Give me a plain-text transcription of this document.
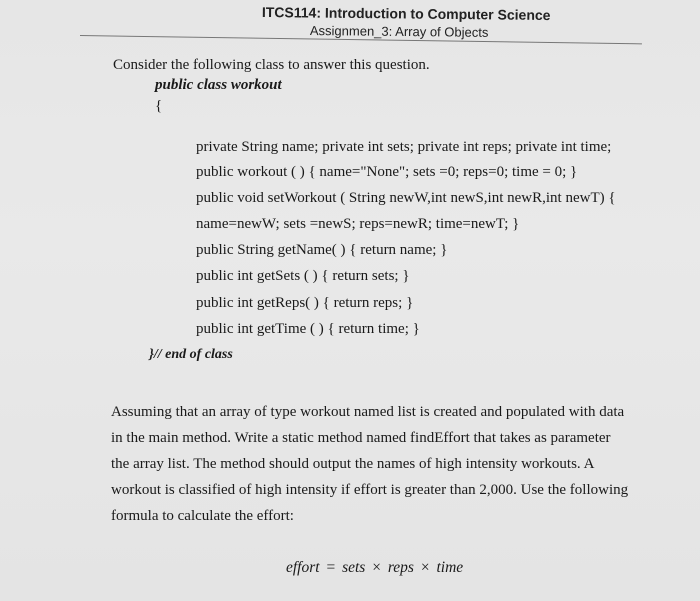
ITCS114: Introduction to Computer Science
Assignmen_3: Array of Objects
Consider the following class to answer this question.
public class workout
{
private String name; private int sets; private int reps; private int time;
public workout ( ) { name="None"; sets =0; reps=0; time = 0; }
public void setWorkout ( String newW,int newS,int newR,int newT) {
name=newW; sets =newS; reps=newR; time=newT; }
public String getName( ) { return name; }
public int getSets ( ) { return sets; }
public int getReps( ) { return reps; }
public int getTime ( ) { return time; }
}// end of class
Assuming that an array of type workout named list is created and populated with data
in the main method. Write a static method named findEffort that takes as parameter
the array list. The method should output the names of high intensity workouts. A
workout is classified of high intensity if effort is greater than 2,000. Use the following
formula to calculate the effort:
effort = sets × reps × time
